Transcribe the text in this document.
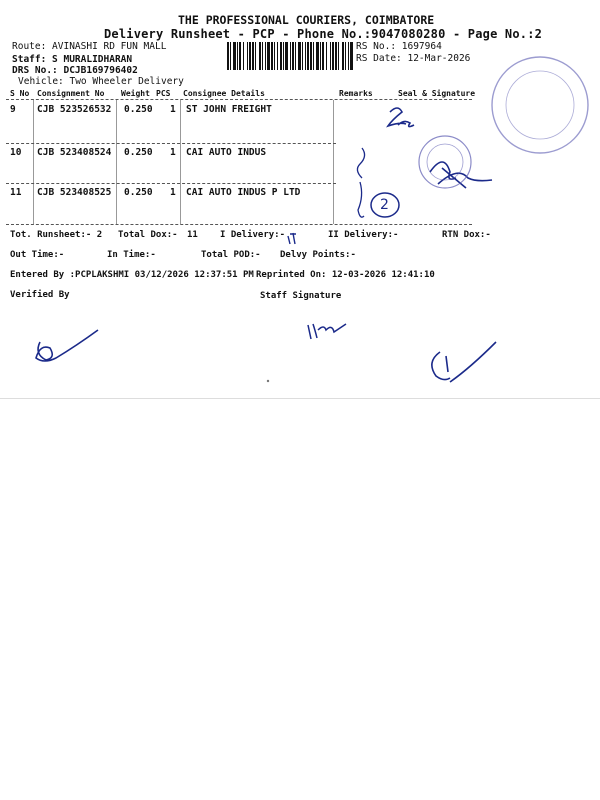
THE PROFESSIONAL COURIERS, COIMBATORE
Delivery Runsheet - PCP - Phone No.:9047080280 - Page No.:2
Route: AVINASHI RD FUN MALL
Staff: S MURALIDHARAN
DRS No.: DCJB169796402
Vehicle: Two Wheeler Delivery
RS No.: 1697964
RS Date: 12-Mar-2026
S No Consignment No Weight PCS Consignee Details	Remarks	Seal & Signature
9 CJB 523526532 0.250 1 ST JOHN FREIGHT
10 CJB 523408524 0.250 1 CAI AUTO INDUS
11 CJB 523408525 0.250 1 CAI AUTO INDUS P LTD
Tot. Runsheet:- 2 Total Dox:- 11 I Delivery:-	II Delivery:-	RTN Dox:-
Out Time:-	In Time:-	Total POD:- Delvy Points:-
Entered By :PCPLAKSHMI 03/12/2026 12:37:51 PM Reprinted On: 12-03-2026 12:41:10
Verified By	Staff Signature
2
